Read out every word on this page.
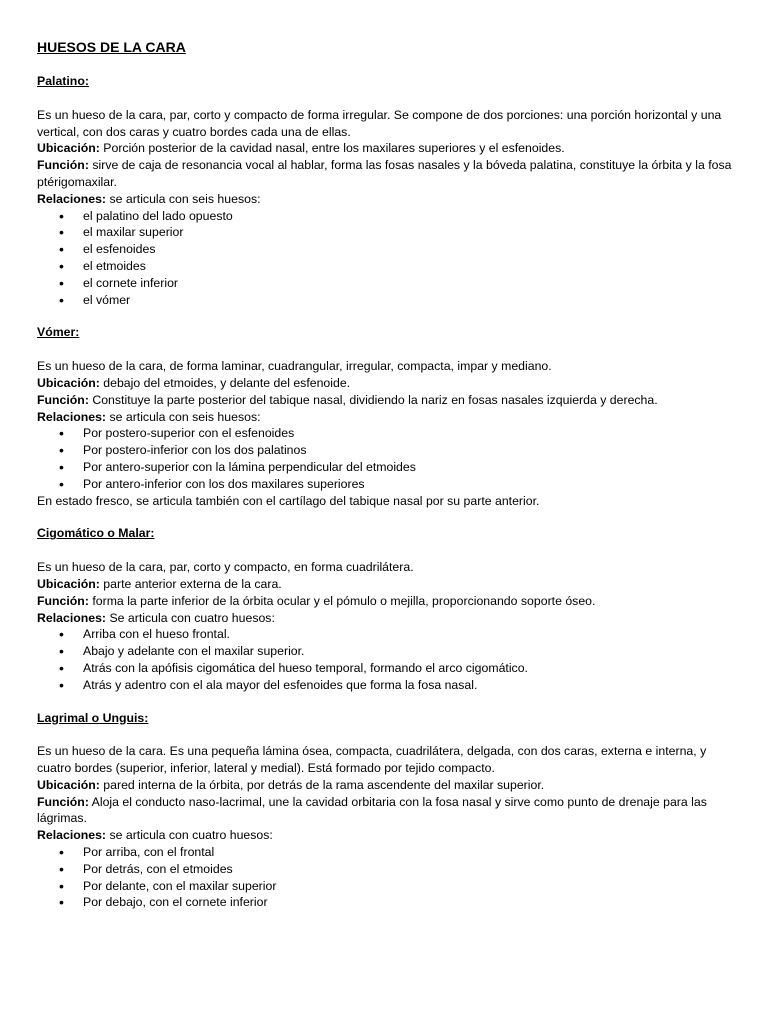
HUESOS DE LA CARA
Palatino:

Es un hueso de la cara, par, corto y compacto de forma irregular. Se compone de dos porciones: una porción horizontal y una vertical, con dos caras y cuatro bordes cada una de ellas.

Ubicación: Porción posterior de la cavidad nasal, entre los maxilares superiores y el esfenoides.

Función: sirve de caja de resonancia vocal al hablar, forma las fosas nasales y la bóveda palatina, constituye la órbita y la fosa ptérigomaxilar.

Relaciones: se articula con seis huesos:

• el palatino del lado opuesto
• el maxilar superior
• el esfenoides
• el etmoides
• el cornete inferior
• el vómer
Vómer:

Es un hueso de la cara, de forma laminar, cuadrangular, irregular, compacta, impar y mediano.

Ubicación: debajo del etmoides, y delante del esfenoide.

Función: Constituye la parte posterior del tabique nasal, dividiendo la nariz en fosas nasales izquierda y derecha.

Relaciones: se articula con seis huesos:

• Por postero-superior con el esfenoides
• Por postero-inferior con los dos palatinos
• Por antero-superior con la lámina perpendicular del etmoides
• Por antero-inferior con los dos maxilares superiores

En estado fresco, se articula también con el cartílago del tabique nasal por su parte anterior.

Cigomático o Malar:

Es un hueso de la cara, par, corto y compacto, en forma cuadrilátera.

Ubicación: parte anterior externa de la cara.

Función: forma la parte inferior de la órbita ocular y el pómulo o mejilla, proporcionando soporte óseo.

Relaciones: Se articula con cuatro huesos:

• Arriba con el hueso frontal.
• Abajo y adelante con el maxilar superior.
• Atrás con la apófisis cigomática del hueso temporal, formando el arco cigomático.
• Atrás y adentro con el ala mayor del esfenoides que forma la fosa nasal.
Lagrimal o Unguis:

Es un hueso de la cara. Es una pequeña lámina ósea, compacta, cuadrilátera, delgada, con dos caras, externa e interna, y cuatro bordes (superior, inferior, lateral y medial). Está formado por tejido compacto.

Ubicación: pared interna de la órbita, por detrás de la rama ascendente del maxilar superior.

Función: Aloja el conducto naso-lacrimal, une la cavidad orbitaria con la fosa nasal y sirve como punto de drenaje para las lágrimas.

Relaciones: se articula con cuatro huesos:

• Por arriba, con el frontal
• Por detrás, con el etmoides
• Por delante, con el maxilar superior
• Por debajo, con el cornete inferior
